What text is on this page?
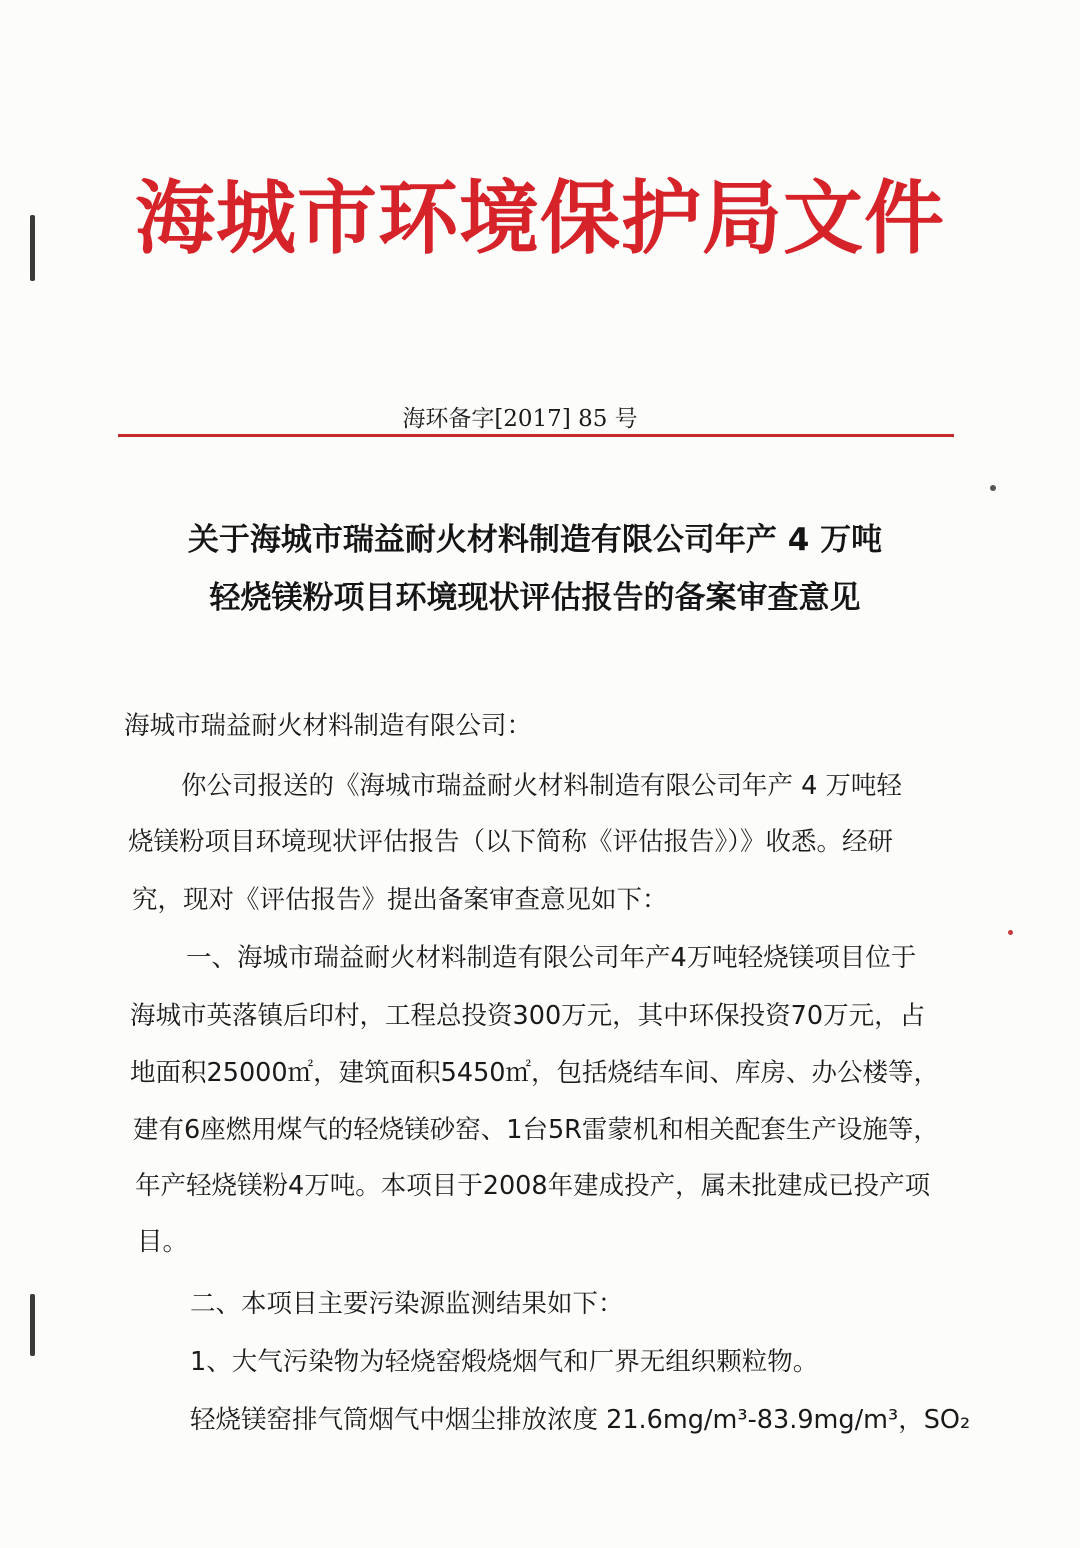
海城市环境保护局文件
海环备字[2017] 85 号
关于海城市瑞益耐火材料制造有限公司年产 4 万吨
轻烧镁粉项目环境现状评估报告的备案审查意见
海城市瑞益耐火材料制造有限公司：
你公司报送的《海城市瑞益耐火材料制造有限公司年产 4 万吨轻
烧镁粉项目环境现状评估报告（以下简称《评估报告》）》收悉。经研
究，现对《评估报告》提出备案审查意见如下：
一、海城市瑞益耐火材料制造有限公司年产4万吨轻烧镁项目位于
海城市英落镇后印村，工程总投资300万元，其中环保投资70万元，占
地面积25000㎡，建筑面积5450㎡，包括烧结车间、库房、办公楼等，
建有6座燃用煤气的轻烧镁砂窑、1台5R雷蒙机和相关配套生产设施等，
年产轻烧镁粉4万吨。本项目于2008年建成投产，属未批建成已投产项
目。
二、本项目主要污染源监测结果如下：
1、大气污染物为轻烧窑煅烧烟气和厂界无组织颗粒物。
轻烧镁窑排气筒烟气中烟尘排放浓度 21.6mg/m³-83.9mg/m³，SO₂
